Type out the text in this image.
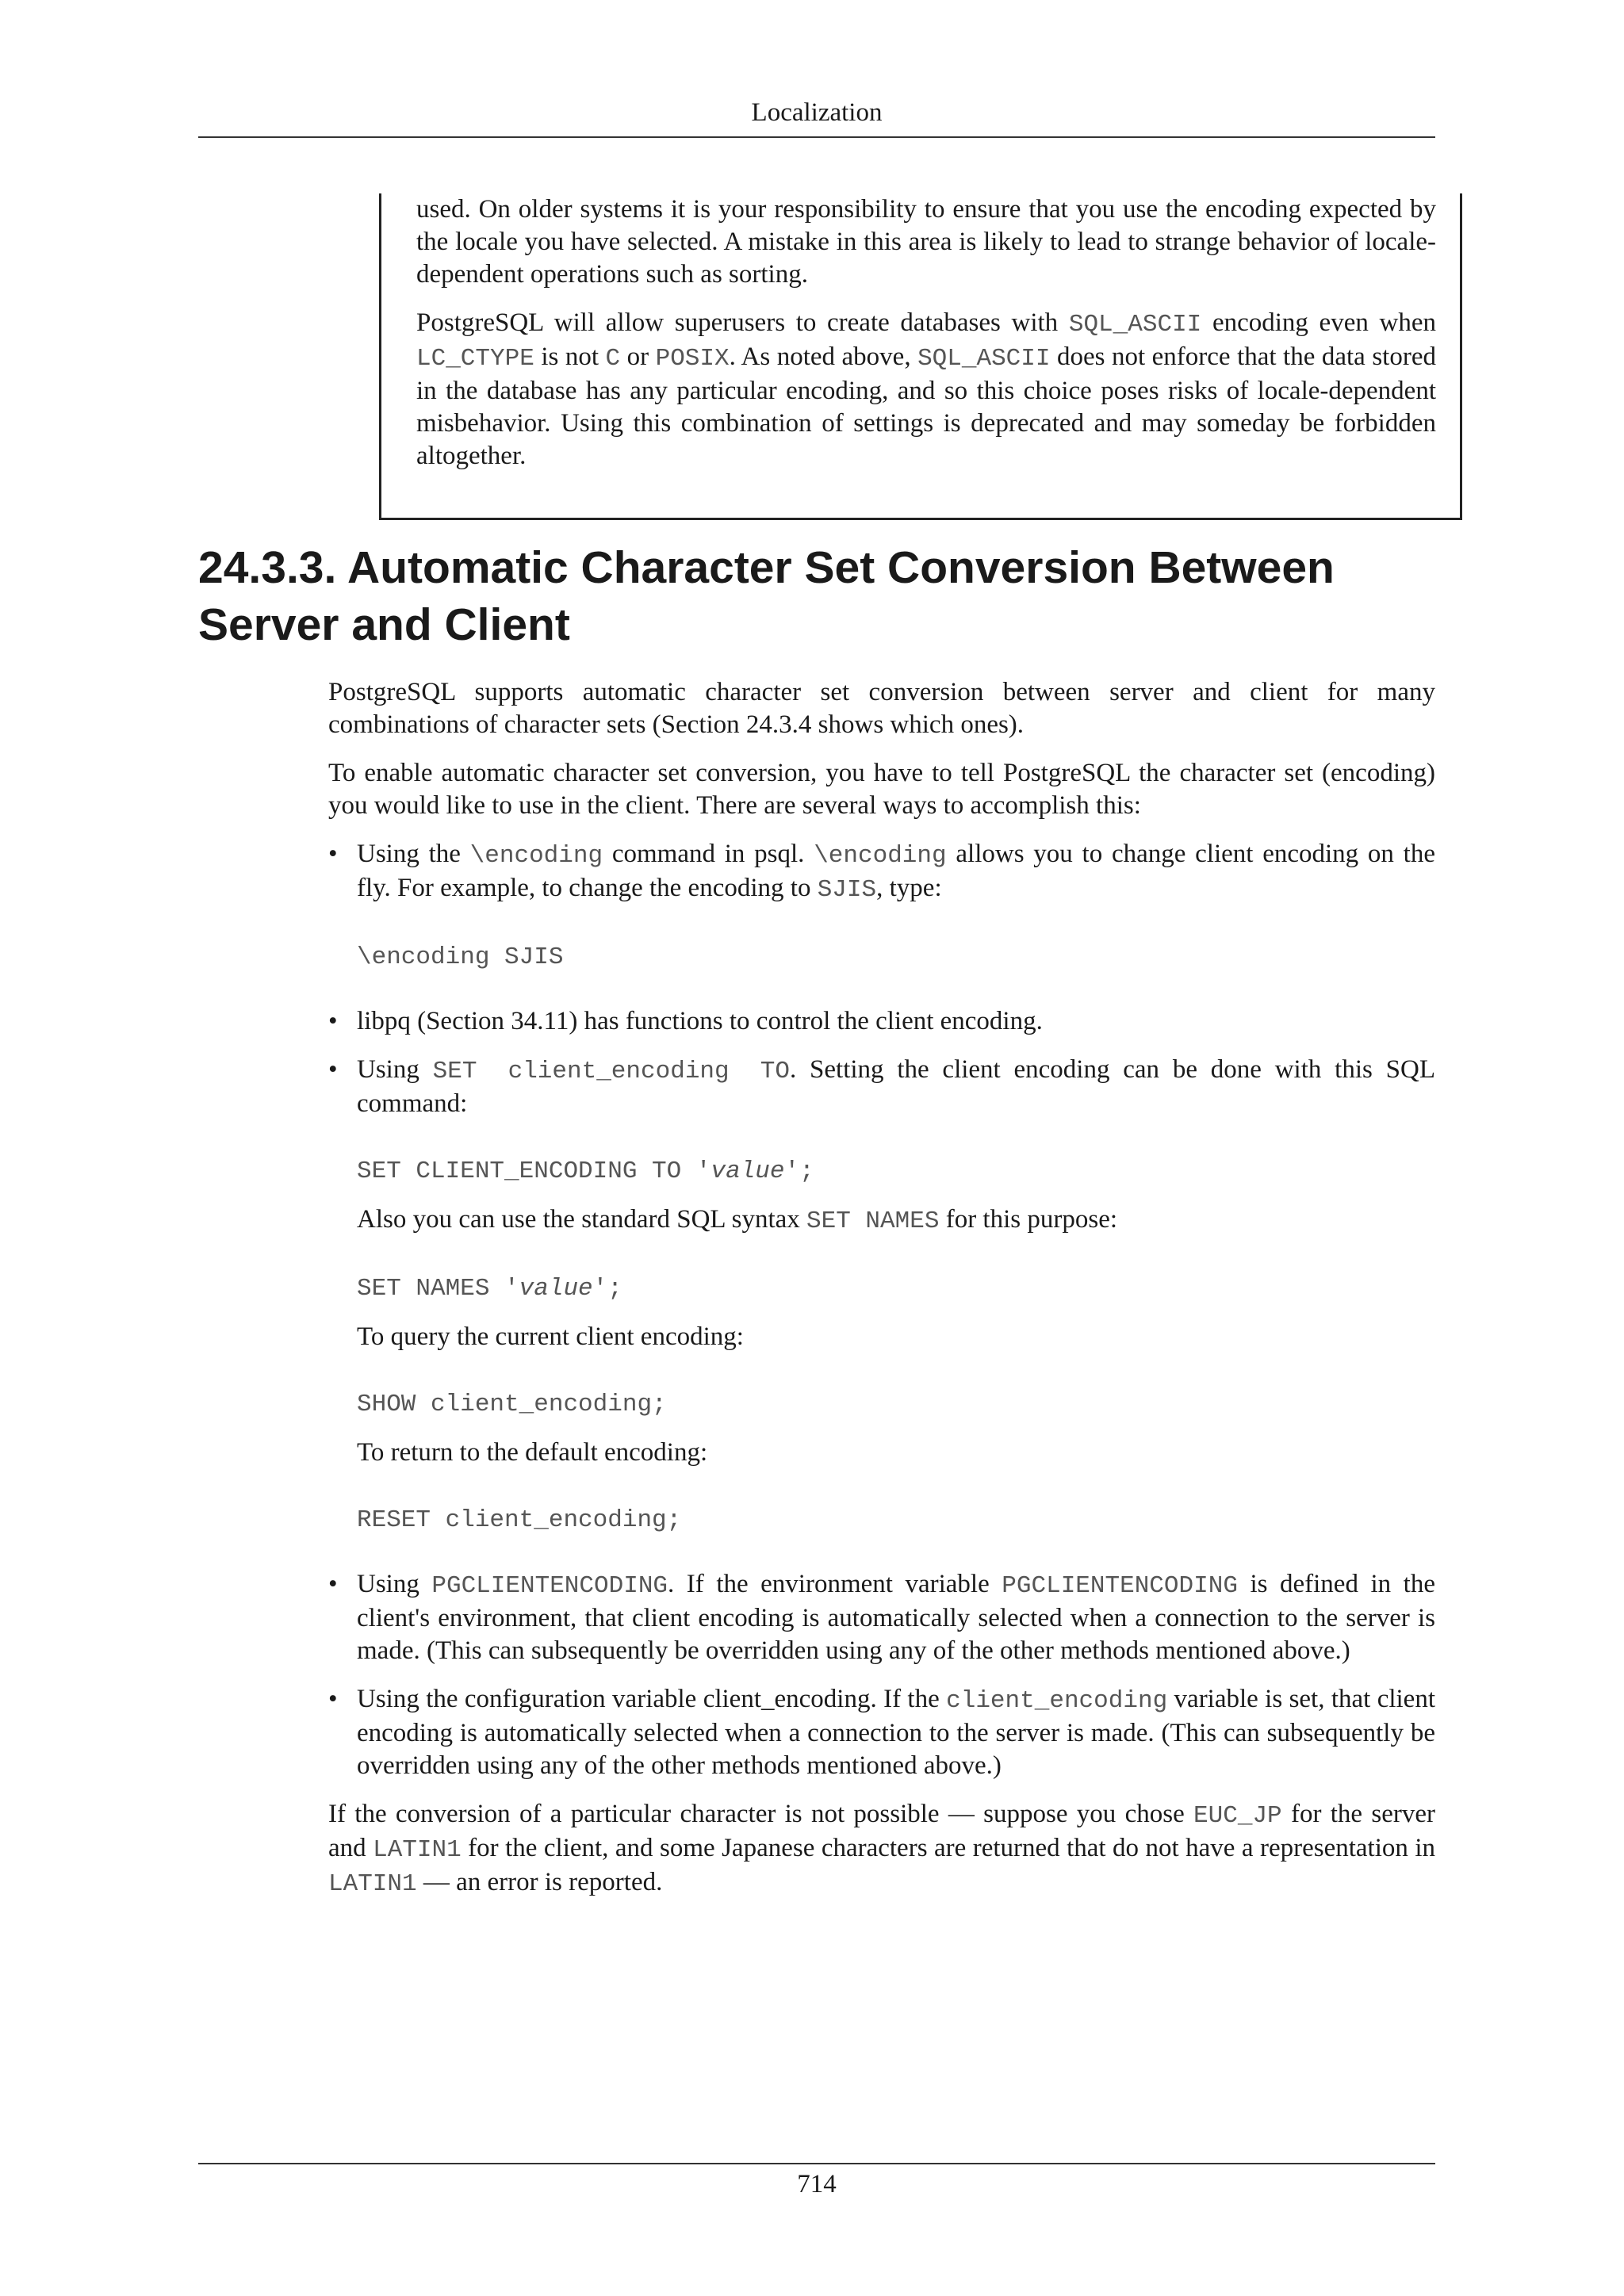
Localization

used. On older systems it is your responsibility to ensure that you use the encoding expected by the locale you have selected. A mistake in this area is likely to lead to strange behavior of locale-dependent operations such as sorting.

PostgreSQL will allow superusers to create databases with SQL_ASCII encoding even when LC_CTYPE is not C or POSIX. As noted above, SQL_ASCII does not enforce that the data stored in the database has any particular encoding, and so this choice poses risks of locale-dependent misbehavior. Using this combination of settings is deprecated and may someday be forbidden altogether.

24.3.3. Automatic Character Set Conversion Between Server and Client

PostgreSQL supports automatic character set conversion between server and client for many combinations of character sets (Section 24.3.4 shows which ones).

To enable automatic character set conversion, you have to tell PostgreSQL the character set (encoding) you would like to use in the client. There are several ways to accomplish this:

• Using the \encoding command in psql. \encoding allows you to change client encoding on the fly. For example, to change the encoding to SJIS, type:

\encoding SJIS
• libpq (Section 34.11) has functions to control the client encoding.

• Using SET client_encoding TO. Setting the client encoding can be done with this SQL command:

SET CLIENT_ENCODING TO 'value';

Also you can use the standard SQL syntax SET NAMES for this purpose:

SET NAMES 'value';

To query the current client encoding:

SHOW client_encoding;

To return to the default encoding:

RESET client_encoding;
• Using PGCLIENTENCODING. If the environment variable PGCLIENTENCODING is defined in the client's environment, that client encoding is automatically selected when a connection to the server is made. (This can subsequently be overridden using any of the other methods mentioned above.)

• Using the configuration variable client_encoding. If the client_encoding variable is set, that client encoding is automatically selected when a connection to the server is made. (This can subsequently be overridden using any of the other methods mentioned above.)

If the conversion of a particular character is not possible — suppose you chose EUC_JP for the server and LATIN1 for the client, and some Japanese characters are returned that do not have a representation in LATIN1 — an error is reported.

714
